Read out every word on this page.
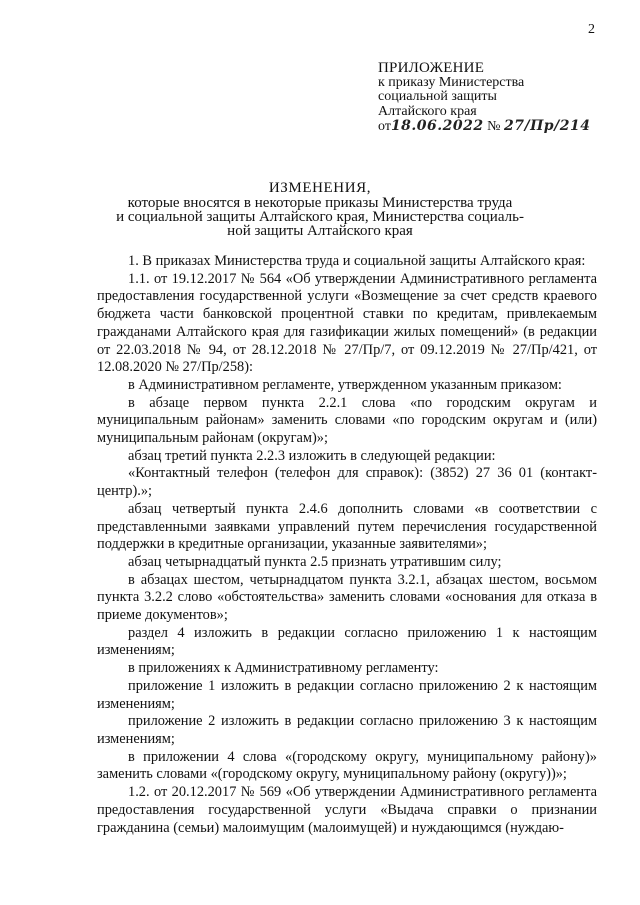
2
ПРИЛОЖЕНИЕ
к приказу Министерства
социальной защиты
Алтайского края
от18.06.2022 № 27/Пр/214
ИЗМЕНЕНИЯ,
которые вносятся в некоторые приказы Министерства труда
и социальной защиты Алтайского края, Министерства социаль-
ной защиты Алтайского края

1. В приказах Министерства труда и социальной защиты Алтайского края:

1.1. от 19.12.2017 № 564 «Об утверждении Административного регламента предоставления государственной услуги «Возмещение за счет средств краевого бюджета части банковской процентной ставки по кредитам, привлекаемым гражданами Алтайского края для газификации жилых помещений» (в редакции от 22.03.2018 № 94, от 28.12.2018 № 27/Пр/7, от 09.12.2019 № 27/Пр/421, от 12.08.2020 № 27/Пр/258):

в Административном регламенте, утвержденном указанным приказом:

в абзаце первом пункта 2.2.1 слова «по городским округам и муниципальным районам» заменить словами «по городским округам и (или) муниципальным районам (округам)»;

абзац третий пункта 2.2.3 изложить в следующей редакции:

«Контактный телефон (телефон для справок): (3852) 27 36 01 (контакт-центр).»;

абзац четвертый пункта 2.4.6 дополнить словами «в соответствии с представленными заявками управлений путем перечисления государственной поддержки в кредитные организации, указанные заявителями»;

абзац четырнадцатый пункта 2.5 признать утратившим силу;

в абзацах шестом, четырнадцатом пункта 3.2.1, абзацах шестом, восьмом пункта 3.2.2 слово «обстоятельства» заменить словами «основания для отказа в приеме документов»;

раздел 4 изложить в редакции согласно приложению 1 к настоящим изменениям;

в приложениях к Административному регламенту:

приложение 1 изложить в редакции согласно приложению 2 к настоящим изменениям;

приложение 2 изложить в редакции согласно приложению 3 к настоящим изменениям;

в приложении 4 слова «(городскому округу, муниципальному району)» заменить словами «(городскому округу, муниципальному району (округу))»;

1.2. от 20.12.2017 № 569 «Об утверждении Административного регламента предоставления государственной услуги «Выдача справки о признании гражданина (семьи) малоимущим (малоимущей) и нуждающимся (нуждаю-
